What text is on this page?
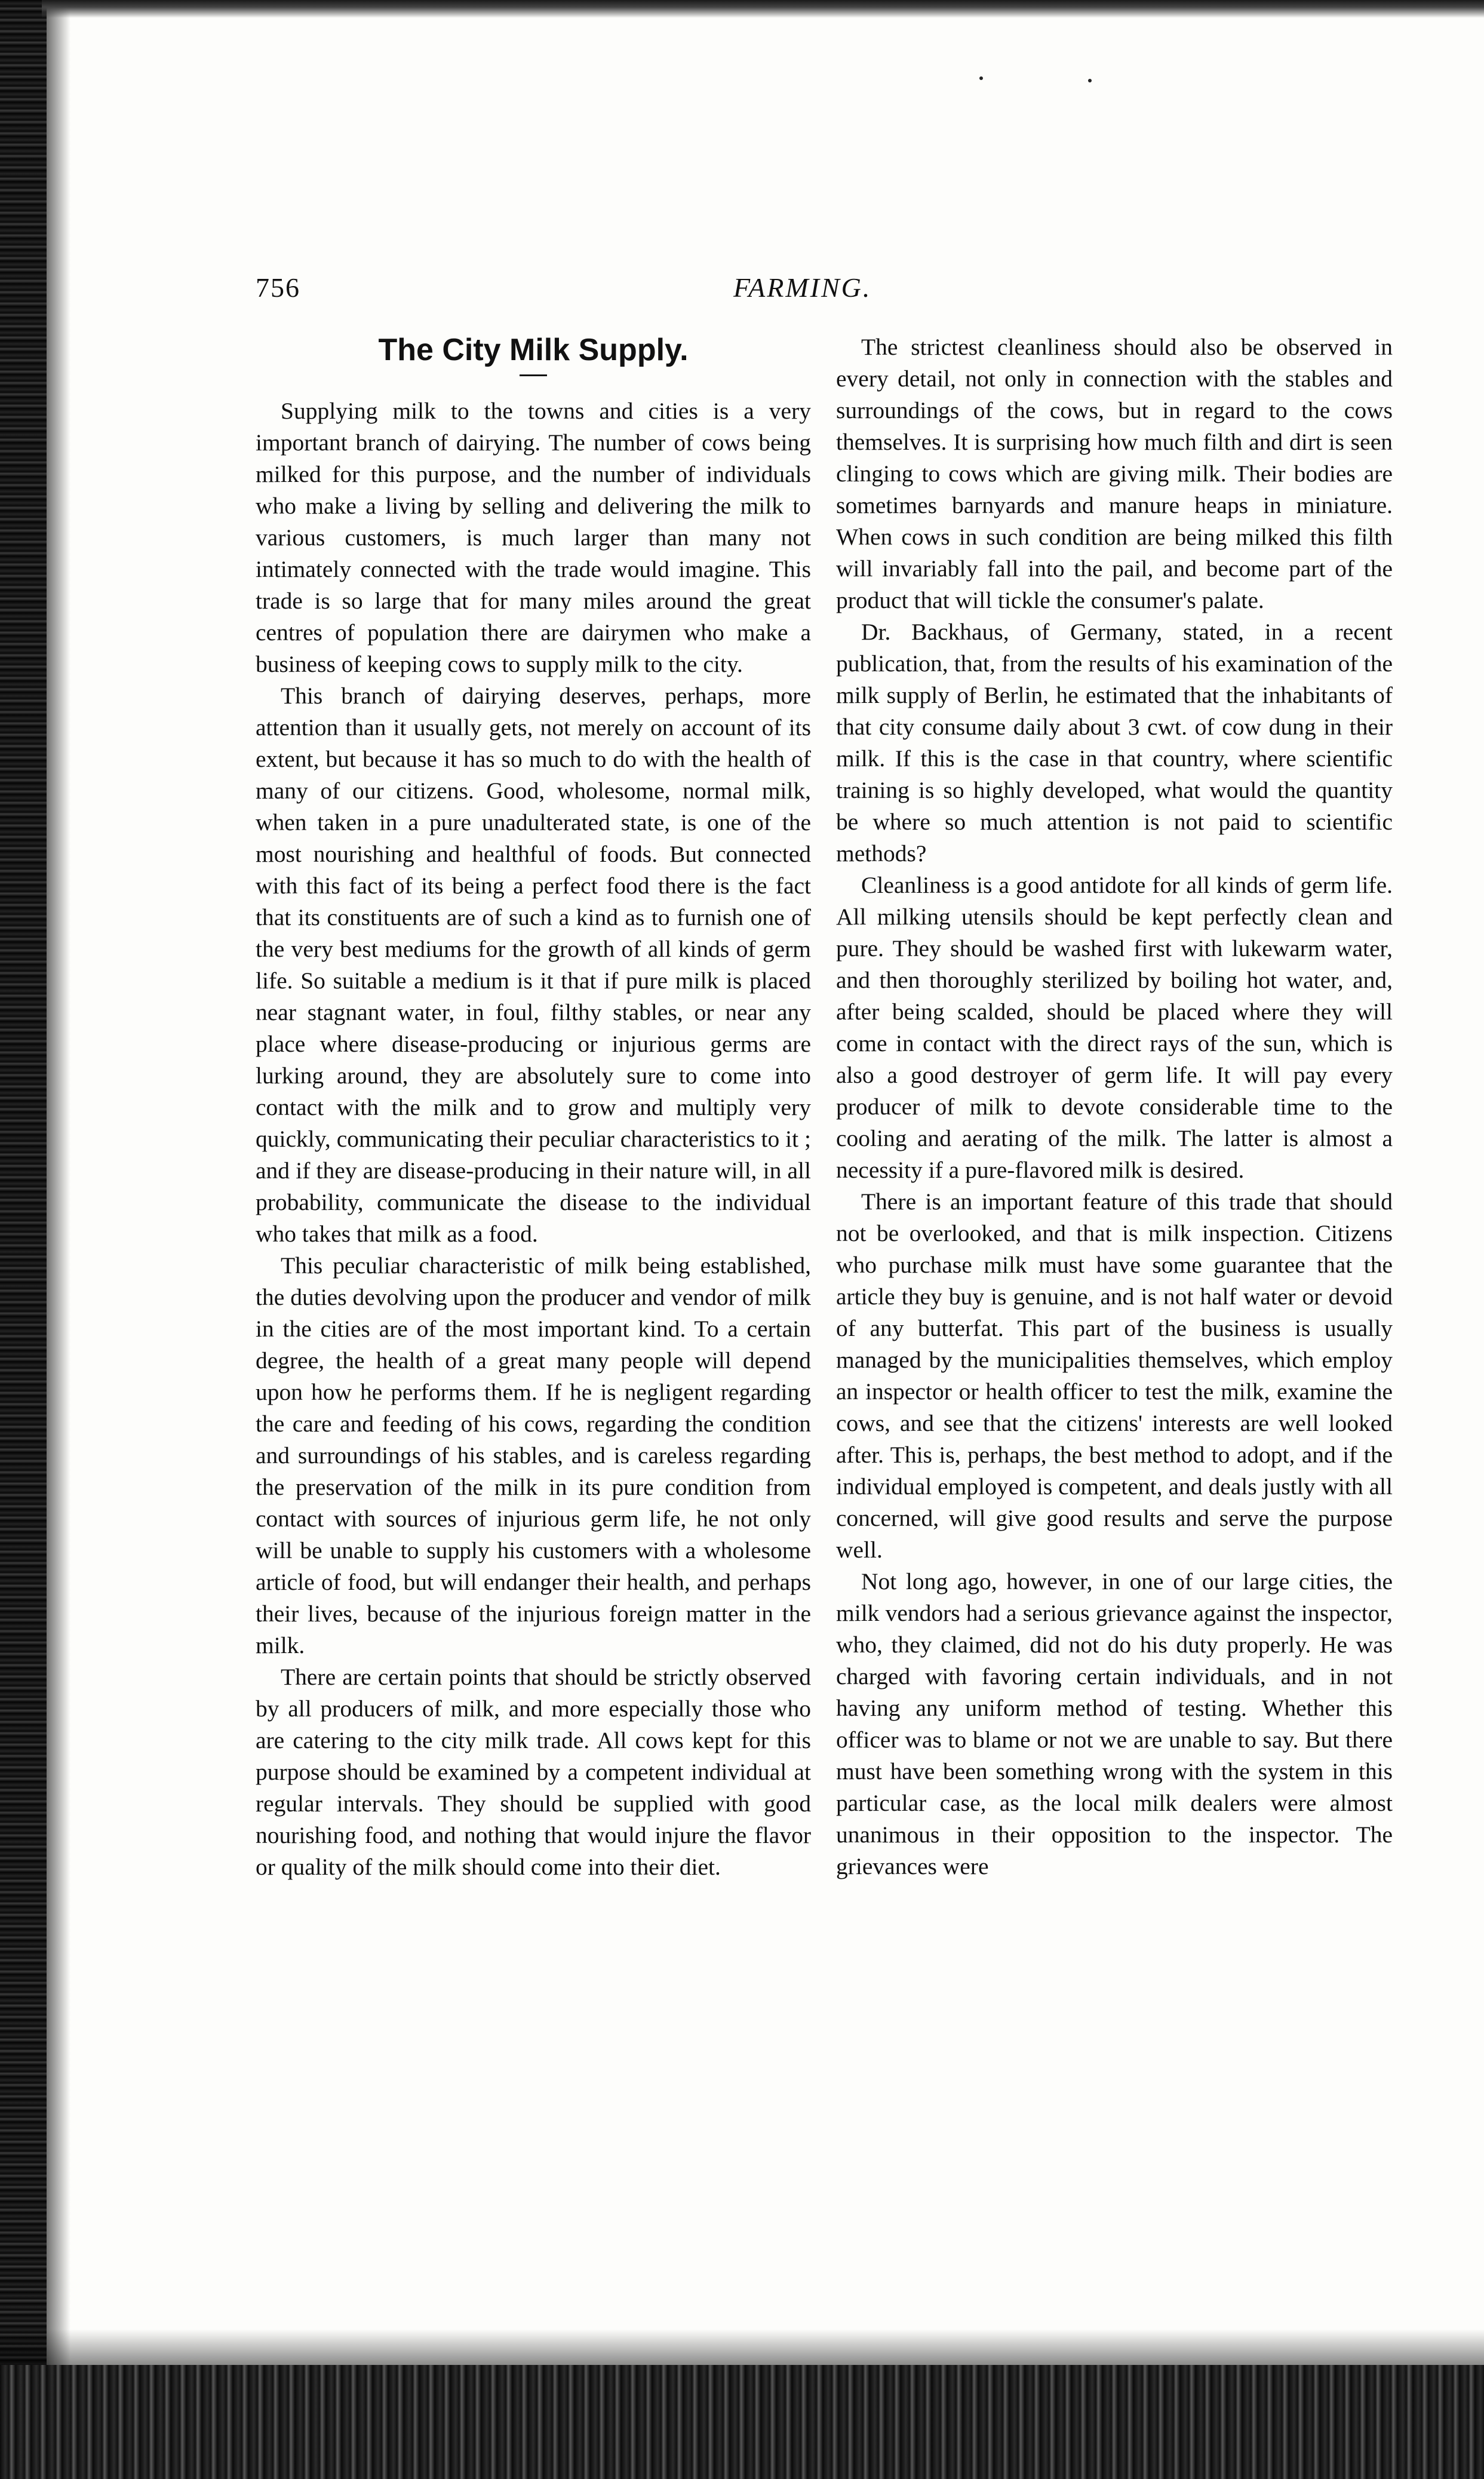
756	FARMING.
The City Milk Supply.

Supplying milk to the towns and cities is a very important branch of dairying. The number of cows being milked for this purpose, and the number of individuals who make a living by selling and delivering the milk to various customers, is much larger than many not intimately connected with the trade would imagine. This trade is so large that for many miles around the great centres of population there are dairymen who make a business of keeping cows to supply milk to the city.

This branch of dairying deserves, perhaps, more attention than it usually gets, not merely on account of its extent, but because it has so much to do with the health of many of our citizens. Good, wholesome, normal milk, when taken in a pure unadulterated state, is one of the most nourishing and healthful of foods. But connected with this fact of its being a perfect food there is the fact that its constituents are of such a kind as to furnish one of the very best mediums for the growth of all kinds of germ life. So suitable a medium is it that if pure milk is placed near stagnant water, in foul, filthy stables, or near any place where disease-producing or injurious germs are lurking around, they are absolutely sure to come into contact with the milk and to grow and multiply very quickly, communicating their peculiar characteristics to it ; and if they are disease-producing in their nature will, in all probability, communicate the disease to the individual who takes that milk as a food.

This peculiar characteristic of milk being established, the duties devolving upon the producer and vendor of milk in the cities are of the most important kind. To a certain degree, the health of a great many people will depend upon how he performs them. If he is negligent regarding the care and feeding of his cows, regarding the condition and surroundings of his stables, and is careless regarding the preservation of the milk in its pure condition from contact with sources of injurious germ life, he not only will be unable to supply his customers with a wholesome article of food, but will endanger their health, and perhaps their lives, because of the injurious foreign matter in the milk.

There are certain points that should be strictly observed by all producers of milk, and more especially those who are catering to the city milk trade. All cows kept for this purpose should be examined by a competent individual at regular intervals. They should be supplied with good nourishing food, and nothing that would injure the flavor or quality of the milk should come into their diet.

The strictest cleanliness should also be observed in every detail, not only in connection with the stables and surroundings of the cows, but in regard to the cows themselves. It is surprising how much filth and dirt is seen clinging to cows which are giving milk. Their bodies are sometimes barnyards and manure heaps in miniature. When cows in such condition are being milked this filth will invariably fall into the pail, and become part of the product that will tickle the consumer's palate.

Dr. Backhaus, of Germany, stated, in a recent publication, that, from the results of his examination of the milk supply of Berlin, he estimated that the inhabitants of that city consume daily about 3 cwt. of cow dung in their milk. If this is the case in that country, where scientific training is so highly developed, what would the quantity be where so much attention is not paid to scientific methods?

Cleanliness is a good antidote for all kinds of germ life. All milking utensils should be kept perfectly clean and pure. They should be washed first with lukewarm water, and then thoroughly sterilized by boiling hot water, and, after being scalded, should be placed where they will come in contact with the direct rays of the sun, which is also a good destroyer of germ life. It will pay every producer of milk to devote considerable time to the cooling and aerating of the milk. The latter is almost a necessity if a pure-flavored milk is desired.

There is an important feature of this trade that should not be overlooked, and that is milk inspection. Citizens who purchase milk must have some guarantee that the article they buy is genuine, and is not half water or devoid of any butterfat. This part of the business is usually managed by the municipalities themselves, which employ an inspector or health officer to test the milk, examine the cows, and see that the citizens' interests are well looked after. This is, perhaps, the best method to adopt, and if the individual employed is competent, and deals justly with all concerned, will give good results and serve the purpose well.

Not long ago, however, in one of our large cities, the milk vendors had a serious grievance against the inspector, who, they claimed, did not do his duty properly. He was charged with favoring certain individuals, and in not having any uniform method of testing. Whether this officer was to blame or not we are unable to say. But there must have been something wrong with the system in this particular case, as the local milk dealers were almost unanimous in their opposition to the inspector. The grievances were
